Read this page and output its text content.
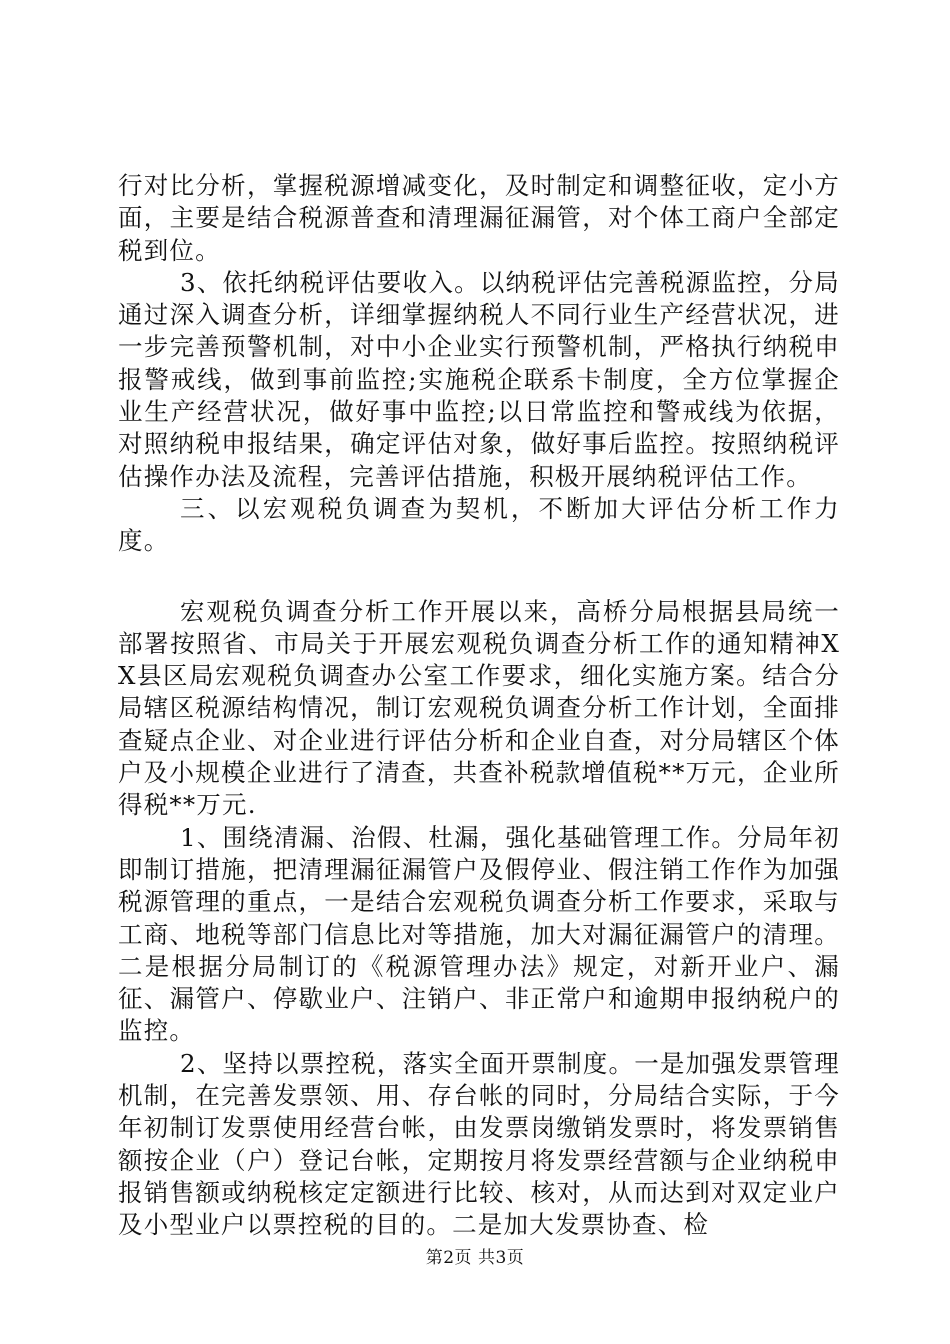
行对比分析，掌握税源增减变化，及时制定和调整征收，定小方面，主要是结合税源普查和清理漏征漏管，对个体工商户全部定税到位。

3、依托纳税评估要收入。以纳税评估完善税源监控，分局通过深入调查分析，详细掌握纳税人不同行业生产经营状况，进一步完善预警机制，对中小企业实行预警机制，严格执行纳税申报警戒线，做到事前监控;实施税企联系卡制度，全方位掌握企业生产经营状况，做好事中监控;以日常监控和警戒线为依据，对照纳税申报结果，确定评估对象，做好事后监控。按照纳税评估操作办法及流程，完善评估措施，积极开展纳税评估工作。

三、以宏观税负调查为契机，不断加大评估分析工作力度。

宏观税负调查分析工作开展以来，高桥分局根据县局统一部署按照省、市局关于开展宏观税负调查分析工作的通知精神XX县区局宏观税负调查办公室工作要求，细化实施方案。结合分局辖区税源结构情况，制订宏观税负调查分析工作计划，全面排查疑点企业、对企业进行评估分析和企业自查，对分局辖区个体户及小规模企业进行了清查，共查补税款增值税**万元，企业所得税**万元.

1、围绕清漏、治假、杜漏，强化基础管理工作。分局年初即制订措施，把清理漏征漏管户及假停业、假注销工作作为加强税源管理的重点，一是结合宏观税负调查分析工作要求，采取与工商、地税等部门信息比对等措施，加大对漏征漏管户的清理。二是根据分局制订的《税源管理办法》规定，对新开业户、漏征、漏管户、停歇业户、注销户、非正常户和逾期申报纳税户的监控。

2、坚持以票控税，落实全面开票制度。一是加强发票管理机制，在完善发票领、用、存台帐的同时，分局结合实际，于今年初制订发票使用经营台帐，由发票岗缴销发票时，将发票销售额按企业（户）登记台帐，定期按月将发票经营额与企业纳税申报销售额或纳税核定定额进行比较、核对，从而达到对双定业户及小型业户以票控税的目的。二是加大发票协查、检

第2页 共3页
